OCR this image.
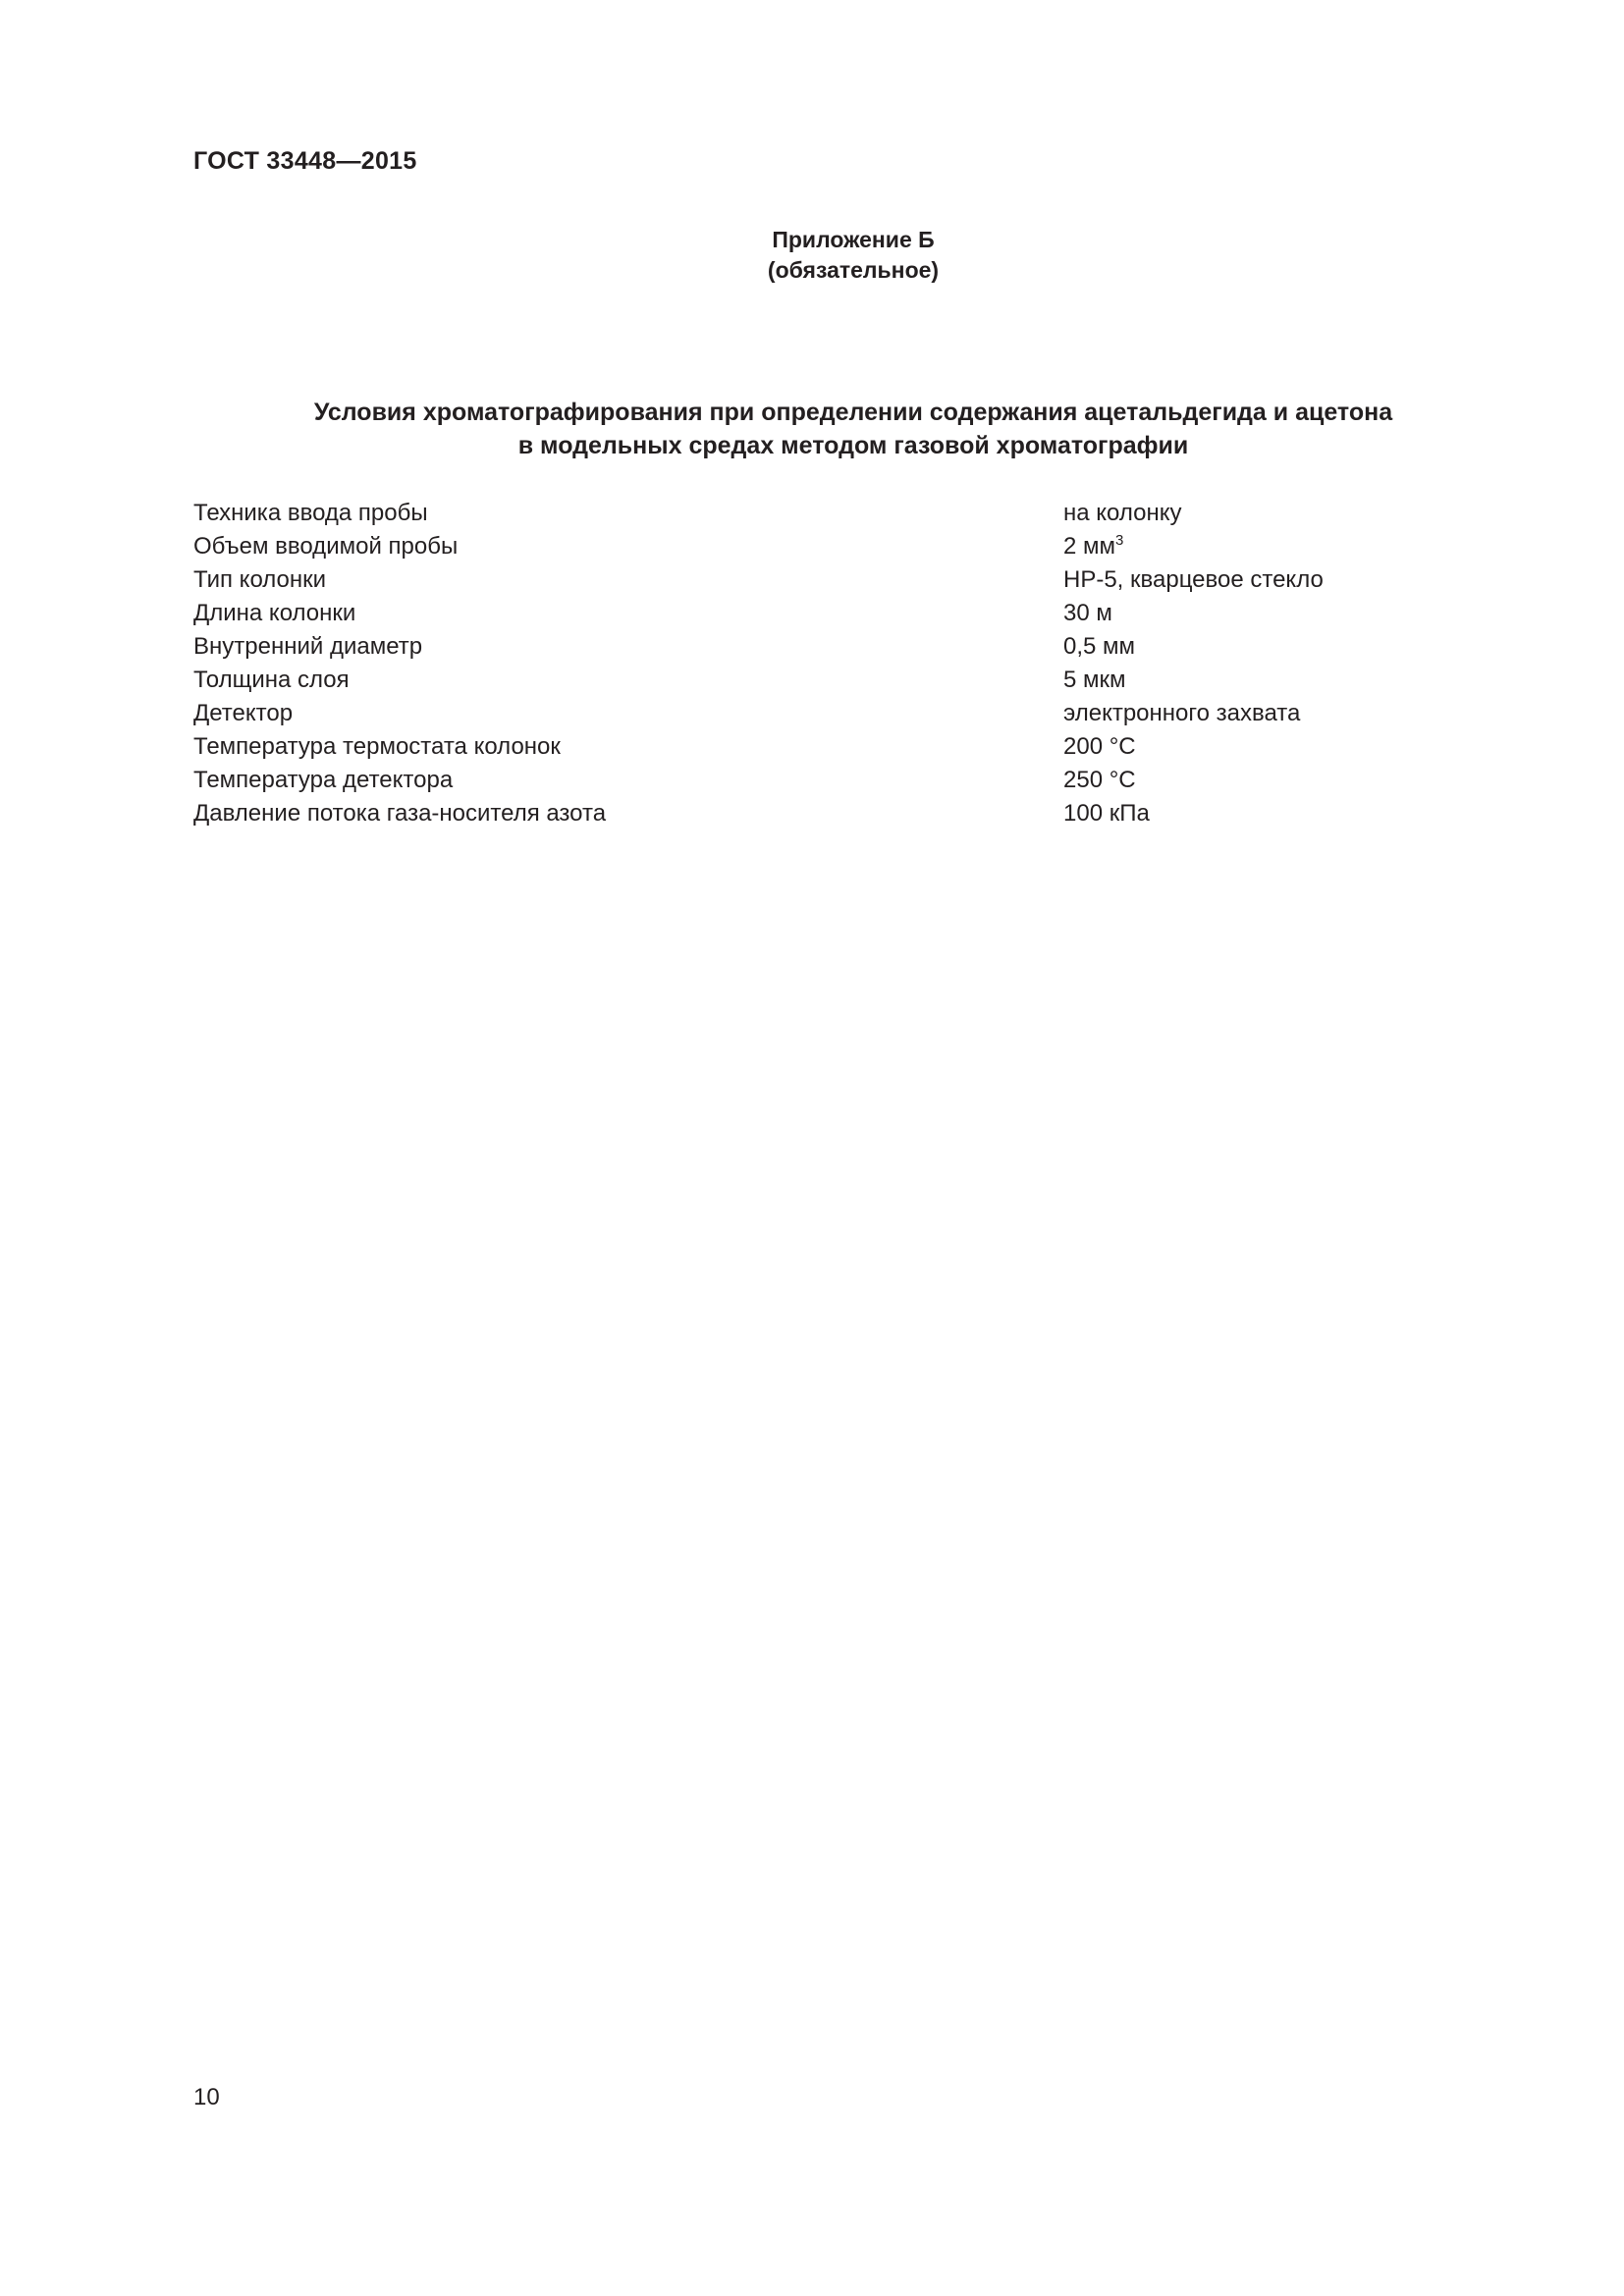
ГОСТ 33448—2015
Приложение Б
(обязательное)
Условия хроматографирования при определении содержания ацетальдегида и ацетона
в модельных средах методом газовой хроматографии
Техника ввода пробы	на колонку
Объем вводимой пробы	2 $мм^3$
Тип колонки	НР-5, кварцевое стекло
Длина колонки	30 м
Внутренний диаметр	0,5 мм
Толщина слоя	5 мкм
Детектор	электронного захвата
Температура термостата колонок	200 °С
Температура детектора	250 °С
Давление потока газа-носителя азота	100 кПа
10
